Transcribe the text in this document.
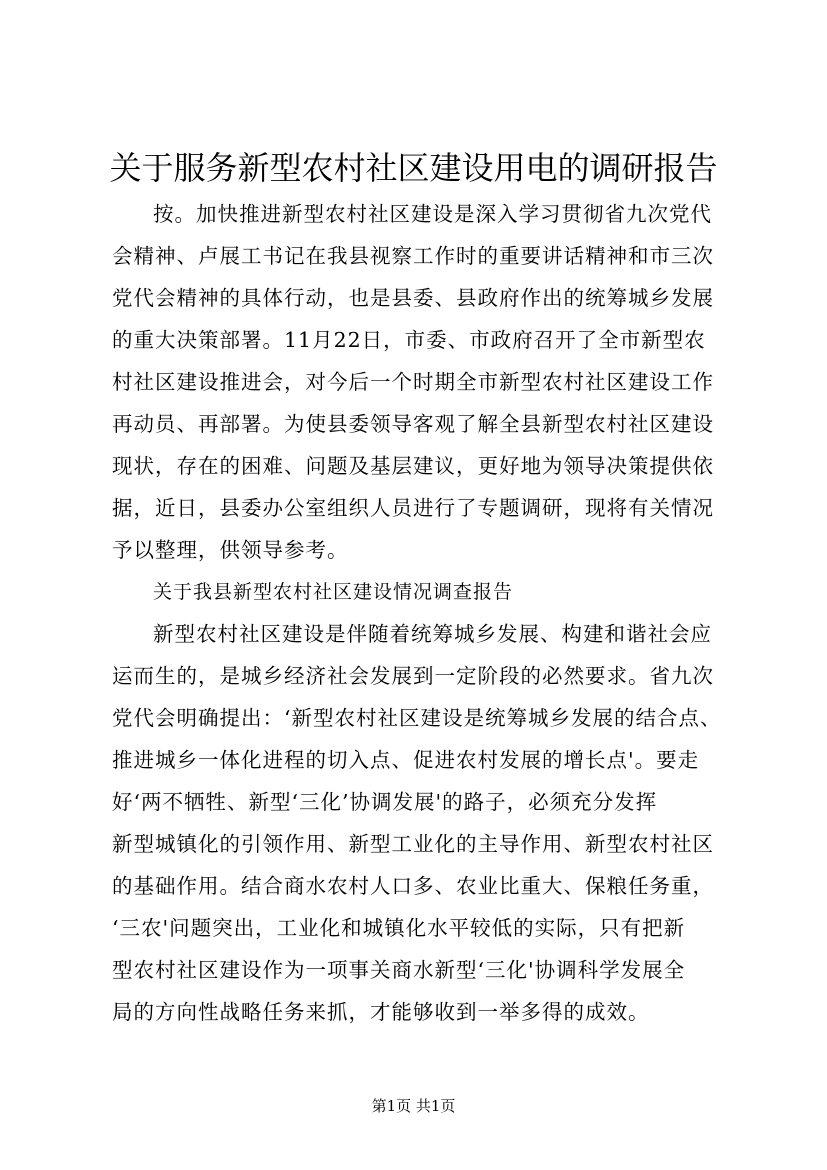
关于服务新型农村社区建设用电的调研报告
按。加快推进新型农村社区建设是深入学习贯彻省九次党代
会精神、卢展工书记在我县视察工作时的重要讲话精神和市三次
党代会精神的具体行动，也是县委、县政府作出的统筹城乡发展
的重大决策部署。11月22日，市委、市政府召开了全市新型农
村社区建设推进会，对今后一个时期全市新型农村社区建设工作
再动员、再部署。为使县委领导客观了解全县新型农村社区建设
现状，存在的困难、问题及基层建议，更好地为领导决策提供依
据，近日，县委办公室组织人员进行了专题调研，现将有关情况
予以整理，供领导参考。
关于我县新型农村社区建设情况调查报告
新型农村社区建设是伴随着统筹城乡发展、构建和谐社会应
运而生的，是城乡经济社会发展到一定阶段的必然要求。省九次
党代会明确提出：‘新型农村社区建设是统筹城乡发展的结合点、
推进城乡一体化进程的切入点、促进农村发展的增长点'。要走
好‘两不牺牲、新型‘三化’协调发展'的路子，必须充分发挥
新型城镇化的引领作用、新型工业化的主导作用、新型农村社区
的基础作用。结合商水农村人口多、农业比重大、保粮任务重，
‘三农'问题突出，工业化和城镇化水平较低的实际，只有把新
型农村社区建设作为一项事关商水新型‘三化'协调科学发展全
局的方向性战略任务来抓，才能够收到一举多得的成效。
第1页 共1页
